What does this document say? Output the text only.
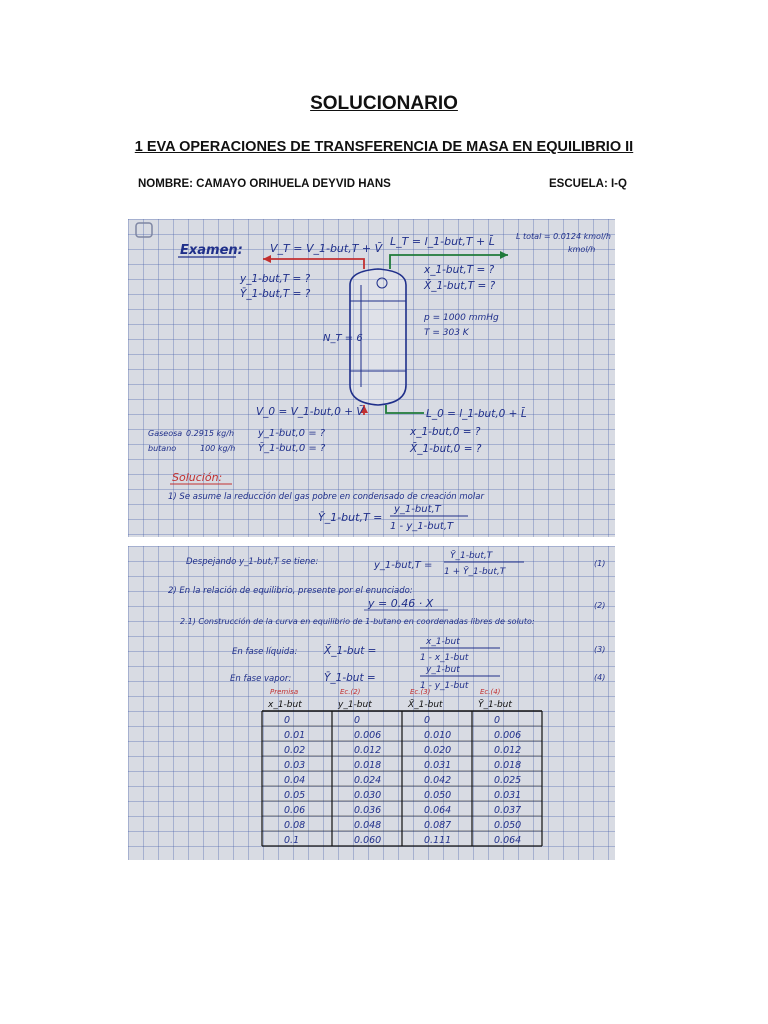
SOLUCIONARIO
1 EVA OPERACIONES DE TRANSFERENCIA DE MASA EN EQUILIBRIO II
NOMBRE: CAMAYO ORIHUELA DEYVID HANS	ESCUELA: I-Q
Examen: V_T = V_1-but,T + V̄
L_T = l_1-but,T + L̄	L total = 0.0124 kmol/h
kmol/h
y_1-but,T = ?
Ȳ_1-but,T = ?
x_1-but,T = ?
X̄_1-but,T = ?
p = 1000 mmHg
T = 303 K
N_T = 6
V_0 = V_1-but,0 + V̄	L_0 = l_1-but,0 + L̄
Gaseosa 0.2915 kg/h y_1-but,0 = ?
butano	100 kg/h Ȳ_1-but,0 = ?
x_1-but,0 = ?
X̄_1-but,0 = ?
Solución:
1) Se asume la reducción del gas pobre en condensado de creación molar
Ȳ_1-but,T =
y_1-but,T
1 - y_1-but,T
Despejando y_1-but,T se tiene:
Ȳ_1-but,T
1 + Ȳ_1-but,T
y_1-but,T =	(1)
2) En la relación de equilibrio, presente por el enunciado:
y = 0.46 · X	(2)
2.1) Construcción de la curva en equilibrio de 1-butano en coordenadas libres de soluto:
En fase líquida:	X̄_1-but =
x_1-but
1 - x_1-but
(3)
En fase vapor:	Ȳ_1-but =
y_1-but
1 - y_1-but
(4)
Premisa	Ec.(2)	Ec.(3)	Ec.(4)
x_1-but	y_1-but	X̄_1-but	Ȳ_1-but
0	0	0	0
0.01	0.006	0.010	0.006
0.02	0.012	0.020	0.012
0.03	0.018	0.031	0.018
0.04	0.024	0.042	0.025
0.05	0.030	0.050	0.031
0.06	0.036	0.064	0.037
0.08	0.048	0.087	0.050
0.1	0.060	0.111	0.064
